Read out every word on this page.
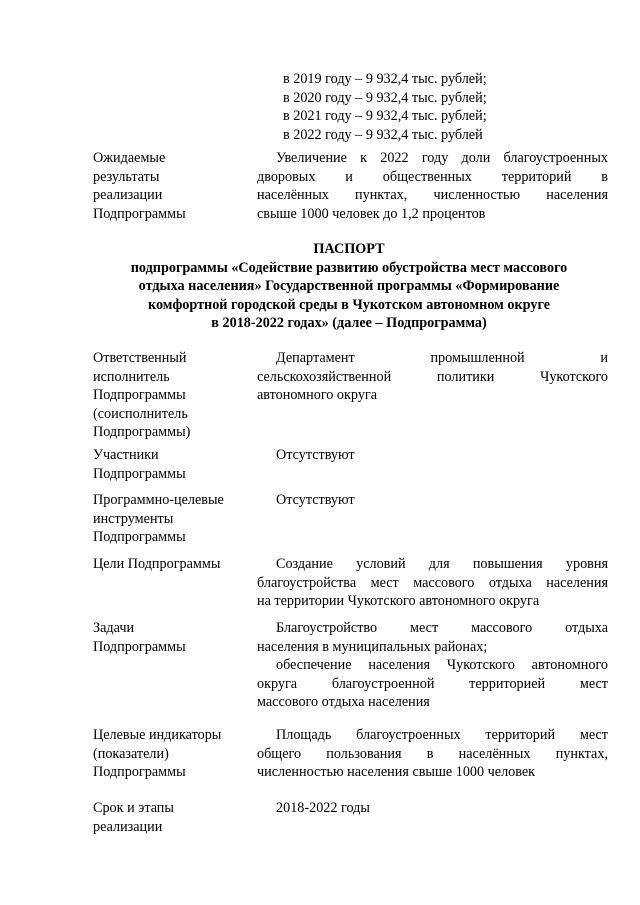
в 2019 году – 9 932,4 тыс. рублей;
в 2020 году – 9 932,4 тыс. рублей;
в 2021 году – 9 932,4 тыс. рублей;
в 2022 году – 9 932,4 тыс. рублей
Ожидаемые
результаты
реализации
Подпрограммы
Увеличение к 2022 году доли благоустроенных
дворовых и общественных территорий в
населённых пунктах, численностью населения
свыше 1000 человек до 1,2 процентов
ПАСПОРТ
подпрограммы «Содействие развитию обустройства мест массового
отдыха населения» Государственной программы «Формирование
комфортной городской среды в Чукотском автономном округе
в 2018-2022 годах» (далее – Подпрограмма)
Ответственный
исполнитель
Подпрограммы
(соисполнитель
Подпрограммы)
Департамент промышленной и
сельскохозяйственной политики Чукотского
автономного округа
Участники
Подпрограммы
Отсутствуют
Программно-целевые
инструменты
Подпрограммы
Отсутствуют
Цели Подпрограммы	Создание условий для повышения уровня
благоустройства мест массового отдыха населения
на территории Чукотского автономного округа
Задачи
Подпрограммы
Благоустройство мест массового отдыха
населения в муниципальных районах;
обеспечение населения Чукотского автономного
округа благоустроенной территорией мест
массового отдыха населения
Целевые индикаторы
(показатели)
Подпрограммы
Площадь благоустроенных территорий мест
общего пользования в населённых пунктах,
численностью населения свыше 1000 человек
Срок и этапы
реализации
2018-2022 годы
